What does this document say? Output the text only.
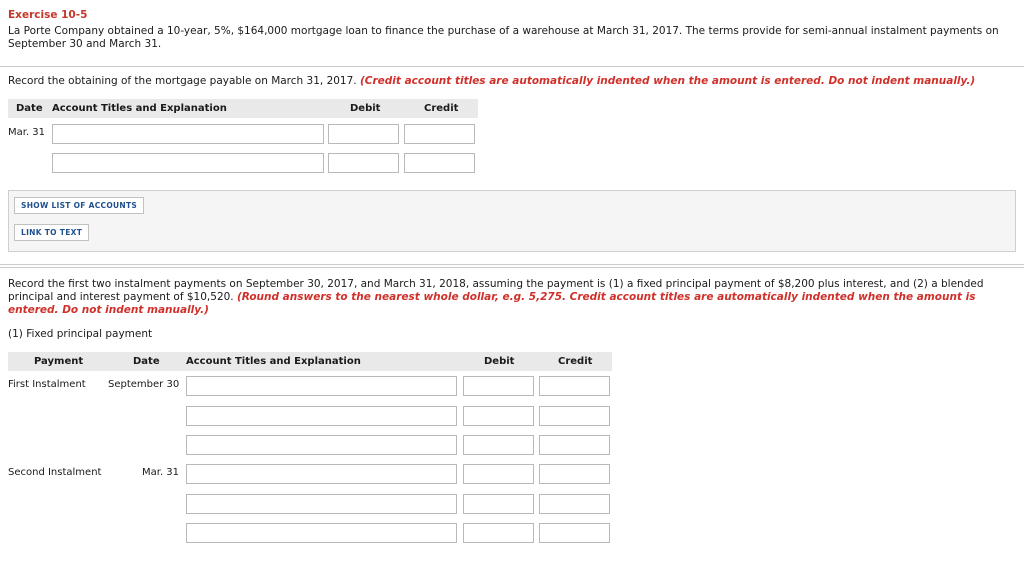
Exercise 10-5
La Porte Company obtained a 10-year, 5%, $164,000 mortgage loan to finance the purchase of a warehouse at March 31, 2017. The terms provide for semi-annual instalment payments on September 30 and March 31.
Record the obtaining of the mortgage payable on March 31, 2017. (Credit account titles are automatically indented when the amount is entered. Do not indent manually.)
Date Account Titles and Explanation	Debit	Credit
Mar. 31
SHOW LIST OF ACCOUNTS
LINK TO TEXT
Record the first two instalment payments on September 30, 2017, and March 31, 2018, assuming the payment is (1) a fixed principal payment of $8,200 plus interest, and (2) a blended principal and interest payment of $10,520. (Round answers to the nearest whole dollar, e.g. 5,275. Credit account titles are automatically indented when the amount is entered. Do not indent manually.)
(1) Fixed principal payment
Payment	Date	Account Titles and Explanation	Debit	Credit
First Instalment September 30
Second Instalment	Mar. 31
